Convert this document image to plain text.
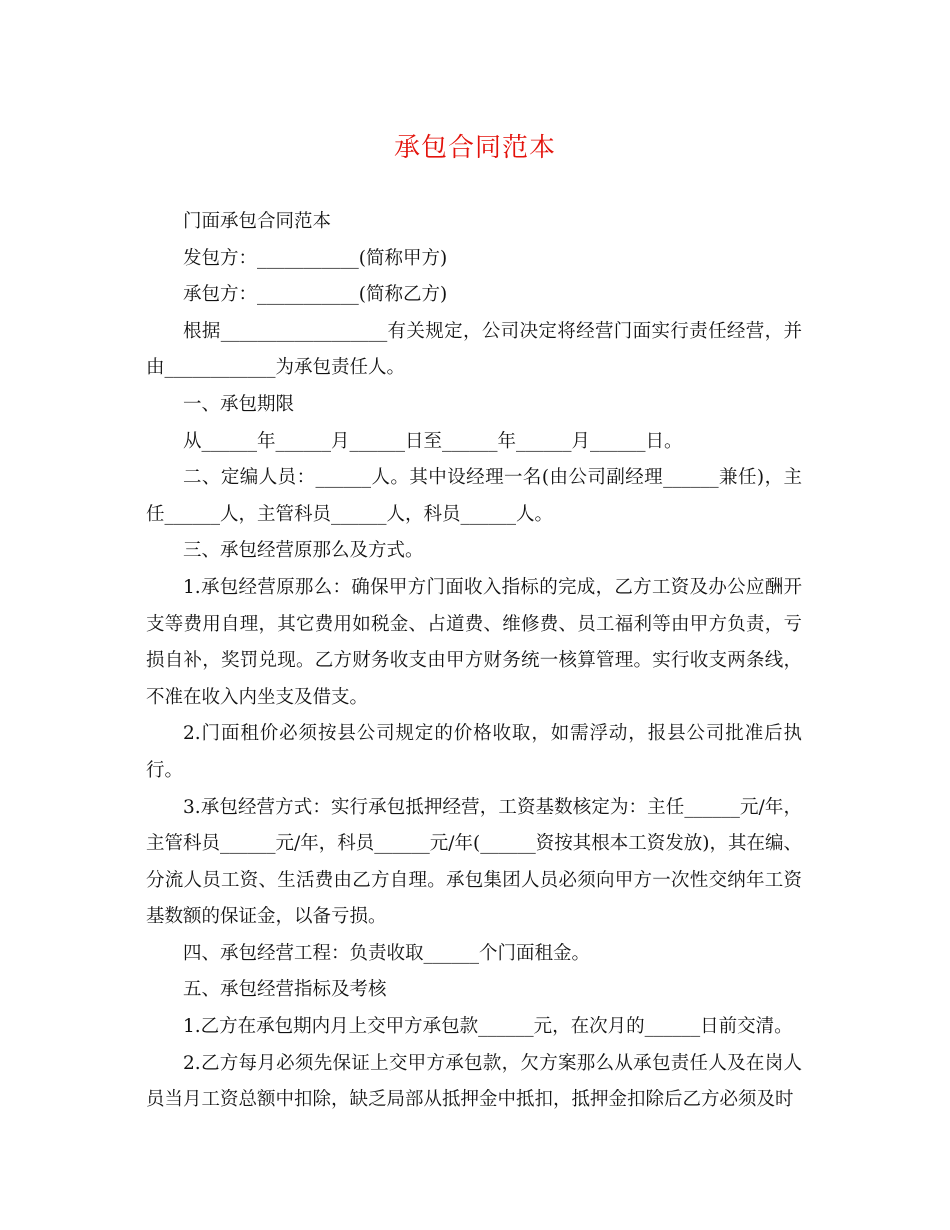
承包合同范本

门面承包合同范本

发包方：___________(简称甲方)

承包方：___________(简称乙方)

根据__________________有关规定，公司决定将经营门面实行责任经营，并由____________为承包责任人。

一、承包期限

从______年______月______日至______年______月______日。

二、定编人员：______人。其中设经理一名(由公司副经理______兼任)，主任______人，主管科员______人，科员______人。

三、承包经营原那么及方式。

1.承包经营原那么：确保甲方门面收入指标的完成，乙方工资及办公应酬开支等费用自理，其它费用如税金、占道费、维修费、员工福利等由甲方负责，亏损自补，奖罚兑现。乙方财务收支由甲方财务统一核算管理。实行收支两条线，不准在收入内坐支及借支。

2.门面租价必须按县公司规定的价格收取，如需浮动，报县公司批准后执行。

3.承包经营方式：实行承包抵押经营，工资基数核定为：主任______元/年，主管科员______元/年，科员______元/年(______资按其根本工资发放)，其在编、分流人员工资、生活费由乙方自理。承包集团人员必须向甲方一次性交纳年工资基数额的保证金，以备亏损。

四、承包经营工程：负责收取______个门面租金。

五、承包经营指标及考核

1.乙方在承包期内月上交甲方承包款______元，在次月的______日前交清。

2.乙方每月必须先保证上交甲方承包款，欠方案那么从承包责任人及在岗人员当月工资总额中扣除，缺乏局部从抵押金中抵扣，抵押金扣除后乙方必须及时
